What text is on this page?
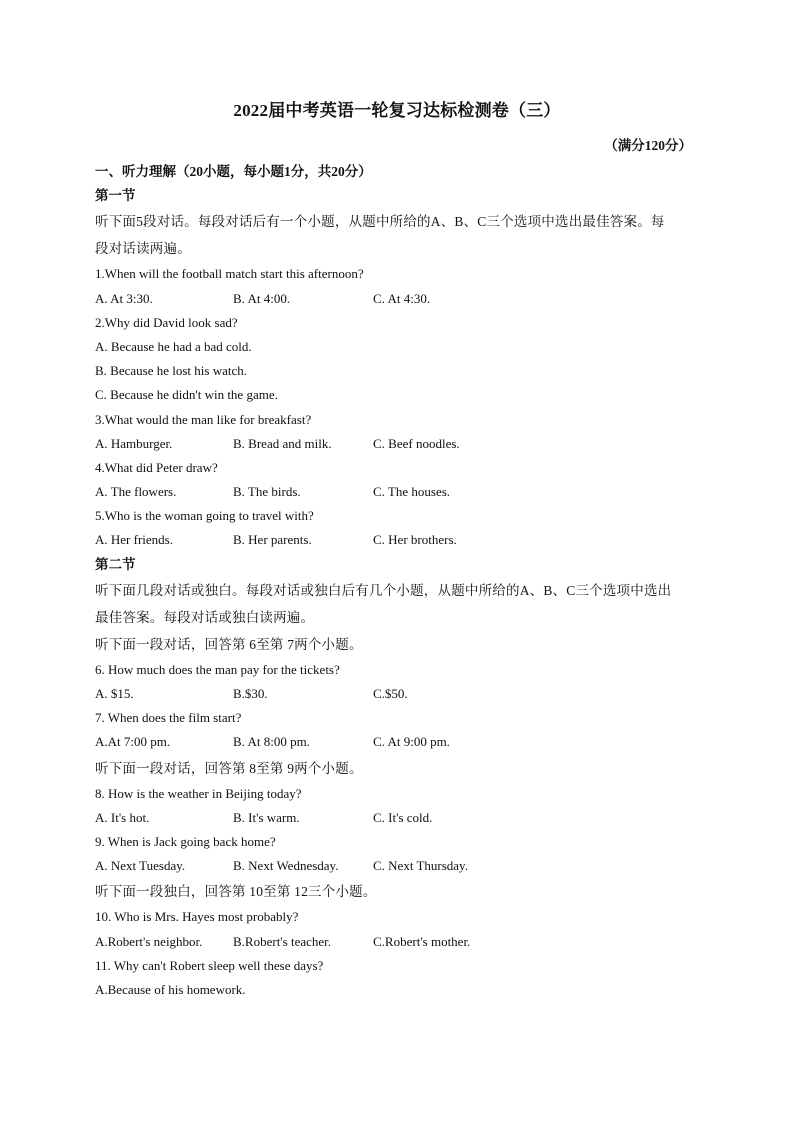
2022届中考英语一轮复习达标检测卷（三）
（满分120分）
一、听力理解（20小题，每小题1分，共20分）
第一节
听下面5段对话。每段对话后有一个小题，从题中所给的A、B、C三个选项中选出最佳答案。每
段对话读两遍。
1.When will the football match start this afternoon?
A. At 3:30.	B. At 4:00.	C. At 4:30.
2.Why did David look sad?
A. Because he had a bad cold.
B. Because he lost his watch.
C. Because he didn't win the game.
3.What would the man like for breakfast?
A. Hamburger.	B. Bread and milk.	C. Beef noodles.
4.What did Peter draw?
A. The flowers.	B. The birds.	C. The houses.
5.Who is the woman going to travel with?
A. Her friends.	B. Her parents.	C. Her brothers.
第二节
听下面几段对话或独白。每段对话或独白后有几个小题，从题中所给的A、B、C三个选项中选出
最佳答案。每段对话或独白读两遍。
听下面一段对话，回答第 6至第 7两个小题。
6. How much does the man pay for the tickets?
A. $15.	B.$30.	C.$50.
7. When does the film start?
A.At 7:00 pm.	B. At 8:00 pm.	C. At 9:00 pm.
听下面一段对话，回答第 8至第 9两个小题。
8. How is the weather in Beijing today?
A. It's hot.	B. It's warm.	C. It's cold.
9. When is Jack going back home?
A. Next Tuesday.	B. Next Wednesday.	C. Next Thursday.
听下面一段独白，回答第 10至第 12三个小题。
10. Who is Mrs. Hayes most probably?
A.Robert's neighbor.	B.Robert's teacher.	C.Robert's mother.
11. Why can't Robert sleep well these days?
A.Because of his homework.
